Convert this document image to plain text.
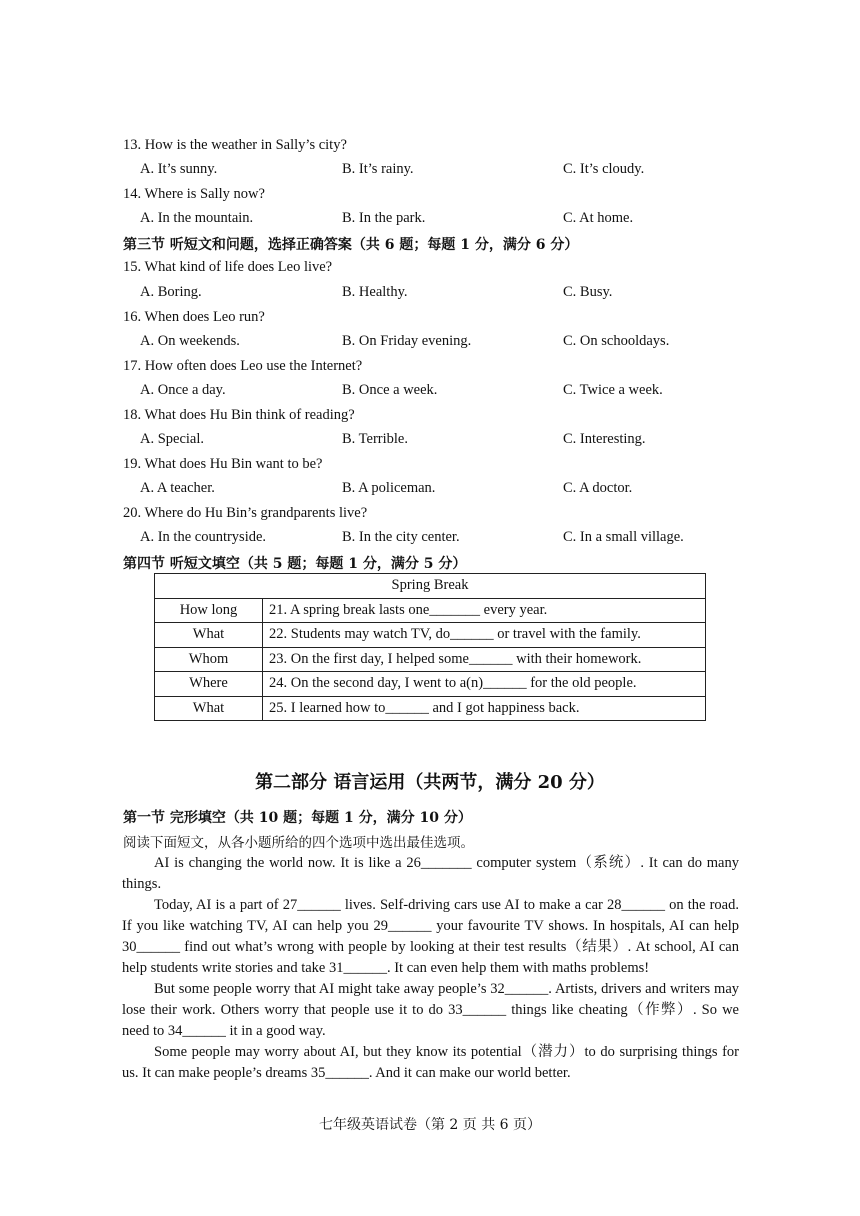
13. How is the weather in Sally’s city?
A. It’s sunny.	B. It’s rainy.	C. It’s cloudy.
14. Where is Sally now?
A. In the mountain.	B. In the park.	C. At home.
第三节 听短文和问题，选择正确答案（共 6 题；每题 1 分，满分 6 分）
15. What kind of life does Leo live?
A. Boring.	B. Healthy.	C. Busy.
16. When does Leo run?
A. On weekends.	B. On Friday evening.	C. On schooldays.
17. How often does Leo use the Internet?
A. Once a day.	B. Once a week.	C. Twice a week.
18. What does Hu Bin think of reading?
A. Special.	B. Terrible.	C. Interesting.
19. What does Hu Bin want to be?
A. A teacher.	B. A policeman.	C. A doctor.
20. Where do Hu Bin’s grandparents live?
A. In the countryside.	B. In the city center.	C. In a small village.
第四节 听短文填空（共 5 题；每题 1 分，满分 5 分）
Spring Break	
How long	21. A spring break lasts one_______ every year.
What	22. Students may watch TV, do______ or travel with the family.
Whom	23. On the first day, I helped some______ with their homework.
Where	24. On the second day, I went to a(n)______ for the old people.
What	25. I learned how to______ and I got happiness back.
第二部分 语言运用（共两节，满分 20 分）
第一节 完形填空（共 10 题；每题 1 分，满分 10 分）
阅读下面短文，从各小题所给的四个选项中选出最佳选项。

AI is changing the world now. It is like a 26_______ computer system（系统）. It can do many things.

Today, AI is a part of 27______ lives. Self-driving cars use AI to make a car 28______ on the road. If you like watching TV, AI can help you 29______ your favourite TV shows. In hospitals, AI can help 30______ find out what’s wrong with people by looking at their test results（结果）. At school, AI can help students write stories and take 31______. It can even help them with maths problems!

But some people worry that AI might take away people’s 32______. Artists, drivers and writers may lose their work. Others worry that people use it to do 33______ things like cheating（作弊）. So we need to 34______ it in a good way.

Some people may worry about AI, but they know its potential（潜力）to do surprising things for us. It can make people’s dreams 35______. And it can make our world better.

七年级英语试卷（第 2 页 共 6 页）
